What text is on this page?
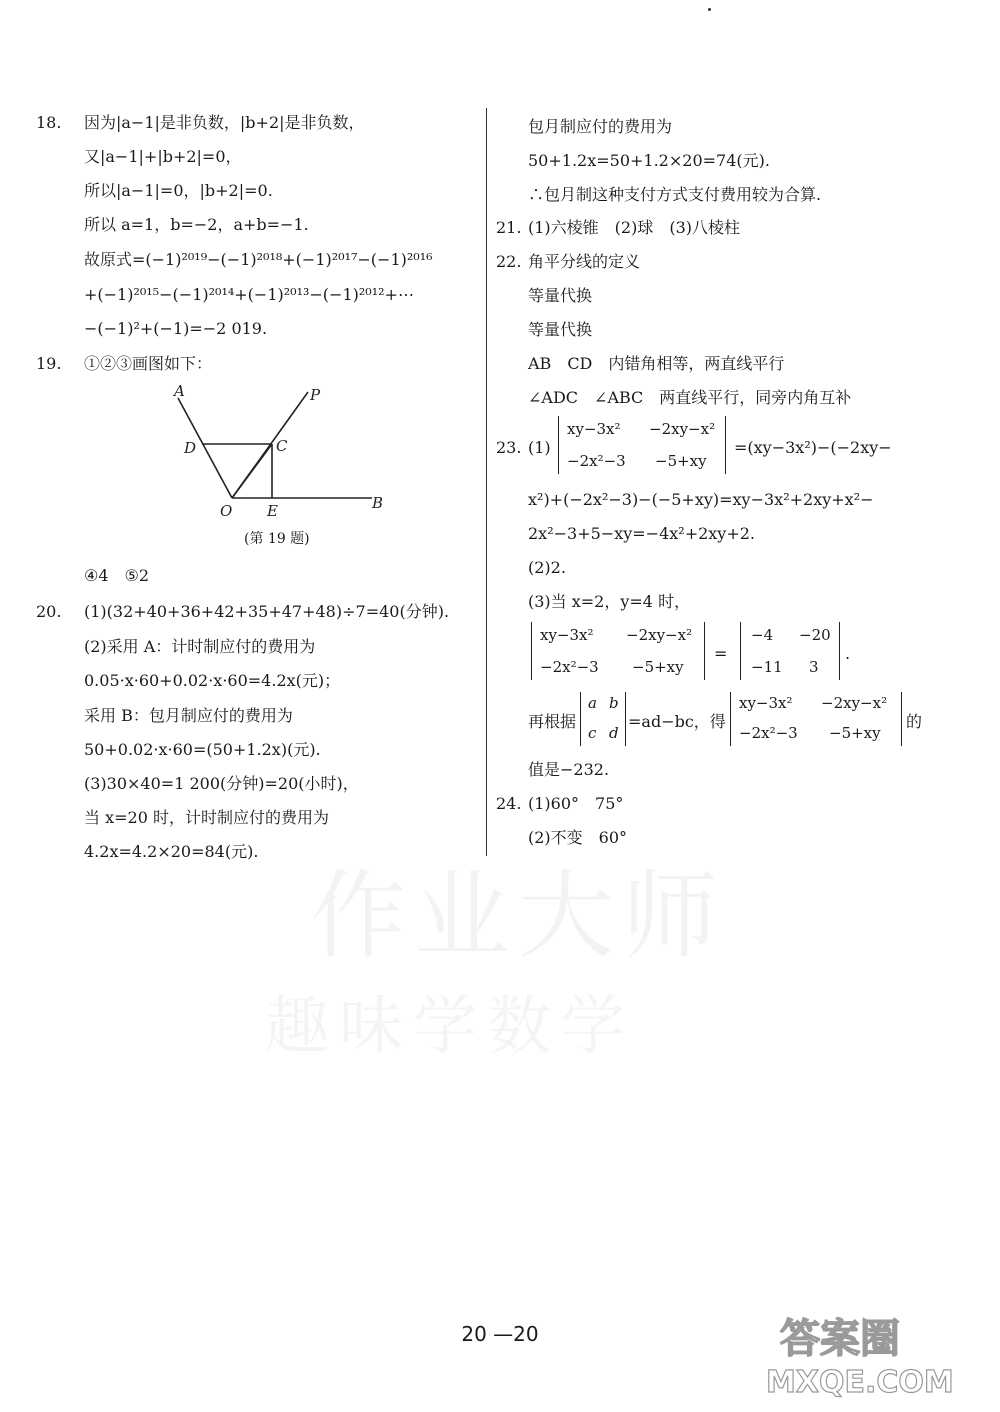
作业大师
趣味学数学
18. 因为|a−1|是非负数，|b+2|是非负数，
又|a−1|+|b+2|=0，
所以|a−1|=0，|b+2|=0.
所以 a=1，b=−2，a+b=−1.
故原式=(−1)²⁰¹⁹−(−1)²⁰¹⁸+(−1)²⁰¹⁷−(−1)²⁰¹⁶
+(−1)²⁰¹⁵−(−1)²⁰¹⁴+(−1)²⁰¹³−(−1)²⁰¹²+⋯
−(−1)²+(−1)=−2 019.
19. ①②③画图如下：
A	P
D	C
O E	B
(第 19 题)
④4　⑤2
20. (1)(32+40+36+42+35+47+48)÷7=40(分钟).
(2)采用 A：计时制应付的费用为
0.05·x·60+0.02·x·60=4.2x(元)；
采用 B：包月制应付的费用为
50+0.02·x·60=(50+1.2x)(元).
(3)30×40=1 200(分钟)=20(小时)，
当 x=20 时，计时制应付的费用为
4.2x=4.2×20=84(元).
包月制应付的费用为
50+1.2x=50+1.2×20=74(元).
∴包月制这种支付方式支付费用较为合算.
21. (1)六棱锥　(2)球　(3)八棱柱
22. 角平分线的定义
等量代换
等量代换
AB　CD　内错角相等，两直线平行
∠ADC　∠ABC　两直线平行，同旁内角互补
23. (1)
xy−3x² −2xy−x²
−2x²−3 −5+xy
=(xy−3x²)−(−2xy−
x²)+(−2x²−3)−(−5+xy)=xy−3x²+2xy+x²−
2x²−3+5−xy=−4x²+2xy+2.
(2)2.
(3)当 x=2，y=4 时，
xy−3x² −2xy−x²
−2x²−3 −5+xy
=
−4 −20
−11 3
.
再根据
a b
c d
=ad−bc，得
xy−3x² −2xy−x²
−2x²−3 −5+xy
的
值是−232.
24. (1)60°　75°
(2)不变　60°
20 —20	答案圈
MXQE.COM
